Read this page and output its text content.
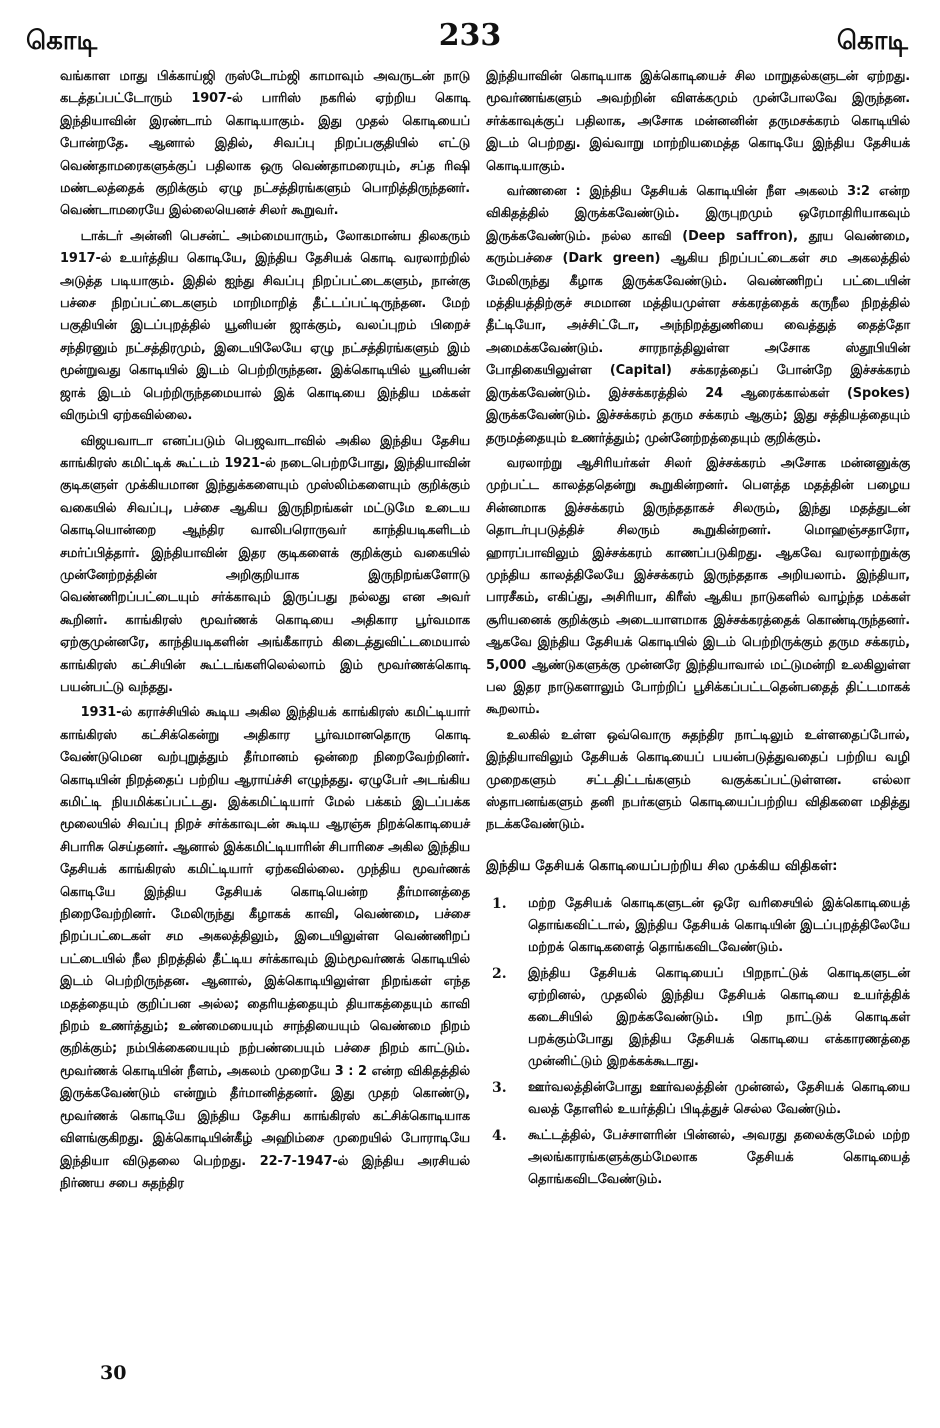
கொடி	233	கொடி

வங்காள மாது பிக்காய்ஜி ருஸ்டோம்ஜி காமாவும் அவருடன் நாடு கடத்தப்பட்டோரும் 1907-ல் பாரிஸ் நகரில் ஏற்றிய கொடி இந்தியாவின் இரண்டாம் கொடியாகும். இது முதல் கொடியைப் போன்றதே. ஆனால் இதில், சிவப்பு நிறப்பகுதியில் எட்டு வெண்தாமரைகளுக்குப் பதிலாக ஒரு வெண்தாமரையும், சப்த ரிஷி மண்டலத்தைக் குறிக்கும் ஏழு நட்சத்திரங்களும் பொறித்திருந்தனர். வெண்டாமரையே இல்லையெனச் சிலர் கூறுவர்.

டாக்டர் அன்னி பெசன்ட் அம்மையாரும், லோகமான்ய திலகரும் 1917-ல் உயர்த்திய கொடியே, இந்திய தேசியக் கொடி வரலாற்றில் அடுத்த படியாகும். இதில் ஐந்து சிவப்பு நிறப்பட்டைகளும், நான்கு பச்சை நிறப்பட்டைகளும் மாறிமாறித் தீட்டப்பட்டிருந்தன. மேற் பகுதியின் இடப்புறத்தில் யூனியன் ஜாக்கும், வலப்புறம் பிறைச் சந்திரனும் நட்சத்திரமும், இடையிலேயே ஏழு நட்சத்திரங்களும் இம் மூன்றுவது கொடியில் இடம் பெற்றிருந்தன. இக்கொடியில் யூனியன் ஜாக் இடம் பெற்றிருந்தமையால் இக் கொடியை இந்திய மக்கள் விரும்பி ஏற்கவில்லை.

விஜயவாடா எனப்படும் பெஜவாடாவில் அகில இந்திய தேசிய காங்கிரஸ் கமிட்டிக் கூட்டம் 1921-ல் நடைபெற்றபோது, இந்தியாவின் குடிகளுள் முக்கியமான இந்துக்களையும் முஸ்லிம்களையும் குறிக்கும் வகையில் சிவப்பு, பச்சை ஆகிய இருநிறங்கள் மட்டுமே உடைய கொடியொன்றை ஆந்திர வாலிபரொருவர் காந்தியடிகளிடம் சமர்ப்பித்தார். இந்தியாவின் இதர குடிகளைக் குறிக்கும் வகையில் முன்னேற்றத்தின் அறிகுறியாக இருநிறங்களோடு வெண்ணிறப்பட்டையும் சர்க்காவும் இருப்பது நல்லது என அவர் கூறினர். காங்கிரஸ் மூவர்ணக் கொடியை அதிகார பூர்வமாக ஏற்குமுன்னரே, காந்தியடிகளின் அங்கீகாரம் கிடைத்துவிட்டமையால் காங்கிரஸ் கட்சியின் கூட்டங்களிலெல்லாம் இம் மூவர்ணக்கொடி பயன்பட்டு வந்தது.

1931-ல் கராச்சியில் கூடிய அகில இந்தியக் காங்கிரஸ் கமிட்டியார் காங்கிரஸ் கட்சிக்கென்று அதிகார பூர்வமானதொரு கொடி வேண்டுமென வற்புறுத்தும் தீர்மானம் ஒன்றை நிறைவேற்றினர். கொடியின் நிறத்தைப் பற்றிய ஆராய்ச்சி எழுந்தது. ஏழுபேர் அடங்கிய கமிட்டி நியமிக்கப்பட்டது. இக்கமிட்டியார் மேல் பக்கம் இடப்பக்க மூலையில் சிவப்பு நிறச் சர்க்காவுடன் கூடிய ஆரஞ்சு நிறக்கொடியைச் சிபாரிசு செய்தனர். ஆனால் இக்கமிட்டியாரின் சிபாரிசை அகில இந்திய தேசியக் காங்கிரஸ் கமிட்டியார் ஏற்கவில்லை. முந்திய மூவர்ணக் கொடியே இந்திய தேசியக் கொடியென்ற தீர்மானத்தை நிறைவேற்றினர். மேலிருந்து கீழாகக் காவி, வெண்மை, பச்சை நிறப்பட்டைகள் சம அகலத்திலும், இடையிலுள்ள வெண்ணிறப் பட்டையில் நீல நிறத்தில் தீட்டிய சர்க்காவும் இம்மூவர்ணக் கொடியில் இடம் பெற்றிருந்தன. ஆனால், இக்கொடியிலுள்ள நிறங்கள் எந்த மதத்தையும் குறிப்பன அல்ல; தைரியத்தையும் தியாகத்தையும் காவி நிறம் உணர்த்தும்; உண்மையையும் சாந்தியையும் வெண்மை நிறம் குறிக்கும்; நம்பிக்கையையும் நற்பண்பையும் பச்சை நிறம் காட்டும். மூவர்ணக் கொடியின் நீளம், அகலம் முறையே 3 : 2 என்ற விகிதத்தில் இருக்கவேண்டும் என்றும் தீர்மானித்தனர். இது முதற் கொண்டு, மூவர்ணக் கொடியே இந்திய தேசிய காங்கிரஸ் கட்சிக்கொடியாக விளங்குகிறது. இக்கொடியின்கீழ் அஹிம்சை முறையில் போராடியே இந்தியா விடுதலை பெற்றது. 22-7-1947-ல் இந்திய அரசியல் நிர்ணய சபை சுதந்திர

இந்தியாவின் கொடியாக இக்கொடியைச் சில மாறுதல்களுடன் ஏற்றது. மூவர்ணங்களும் அவற்றின் விளக்கமும் முன்போலவே இருந்தன. சர்க்காவுக்குப் பதிலாக, அசோக மன்னனின் தருமசக்கரம் கொடியில் இடம் பெற்றது. இவ்வாறு மாற்றியமைத்த கொடியே இந்திய தேசியக் கொடியாகும்.

வர்ணனை : இந்திய தேசியக் கொடியின் நீள அகலம் 3:2 என்ற விகிதத்தில் இருக்கவேண்டும். இருபுறமும் ஒரேமாதிரியாகவும் இருக்கவேண்டும். நல்ல காவி (Deep saffron), தூய வெண்மை, கரும்பச்சை (Dark green) ஆகிய நிறப்பட்டைகள் சம அகலத்தில் மேலிருந்து கீழாக இருக்கவேண்டும். வெண்ணிறப் பட்டையின் மத்தியத்திற்குச் சமமான மத்தியமுள்ள சக்கரத்தைக் கருநீல நிறத்தில் தீட்டியோ, அச்சிட்டோ, அந்நிறத்துணியை வைத்துத் தைத்தோ அமைக்கவேண்டும். சாரநாத்திலுள்ள அசோக ஸ்தூபியின் போதிகையிலுள்ள (Capital) சக்கரத்தைப் போன்றே இச்சக்கரம் இருக்கவேண்டும். இச்சக்கரத்தில் 24 ஆரைக்கால்கள் (Spokes) இருக்கவேண்டும். இச்சக்கரம் தரும சக்கரம் ஆகும்; இது சத்தியத்தையும் தருமத்தையும் உணர்த்தும்; முன்னேற்றத்தையும் குறிக்கும்.

வரலாற்று ஆசிரியர்கள் சிலர் இச்சக்கரம் அசோக மன்னனுக்கு முற்பட்ட காலத்ததென்று கூறுகின்றனர். பௌத்த மதத்தின் பழைய சின்னமாக இச்சக்கரம் இருந்ததாகச் சிலரும், இந்து மதத்துடன் தொடர்புபடுத்திச் சிலரும் கூறுகின்றனர். மொஹஞ்சதாரோ, ஹாரப்பாவிலும் இச்சக்கரம் காணப்படுகிறது. ஆகவே வரலாற்றுக்கு முந்திய காலத்திலேயே இச்சக்கரம் இருந்ததாக அறியலாம். இந்தியா, பாரசீகம், எகிப்து, அசிரியா, கிரீஸ் ஆகிய நாடுகளில் வாழ்ந்த மக்கள் சூரியனைக் குறிக்கும் அடையாளமாக இச்சக்கரத்தைக் கொண்டிருந்தனர். ஆகவே இந்திய தேசியக் கொடியில் இடம் பெற்றிருக்கும் தரும சக்கரம், 5,000 ஆண்டுகளுக்கு முன்னரே இந்தியாவால் மட்டுமன்றி உலகிலுள்ள பல இதர நாடுகளாலும் போற்றிப் பூசிக்கப்பட்டதென்பதைத் திட்டமாகக் கூறலாம்.

உலகில் உள்ள ஒவ்வொரு சுதந்திர நாட்டிலும் உள்ளதைப்போல், இந்தியாவிலும் தேசியக் கொடியைப் பயன்படுத்துவதைப் பற்றிய வழி முறைகளும் சட்டதிட்டங்களும் வகுக்கப்பட்டுள்ளன. எல்லா ஸ்தாபனங்களும் தனி நபர்களும் கொடியைப்பற்றிய விதிகளை மதித்து நடக்கவேண்டும்.

இந்திய தேசியக் கொடியைப்பற்றிய சில முக்கிய விதிகள்:
1.	மற்ற தேசியக் கொடிகளுடன் ஒரே வரிசையில் இக்கொடியைத் தொங்கவிட்டால், இந்திய தேசியக் கொடியின் இடப்புறத்திலேயே மற்றக் கொடிகளைத் தொங்கவிடவேண்டும்.
2.	இந்திய தேசியக் கொடியைப் பிறநாட்டுக் கொடிகளுடன் ஏற்றினல், முதலில் இந்திய தேசியக் கொடியை உயர்த்திக் கடைசியில் இறக்கவேண்டும். பிற நாட்டுக் கொடிகள் பறக்கும்போது இந்திய தேசியக் கொடியை எக்காரணத்தை முன்னிட்டும் இறக்கக்கூடாது.
3.	ஊர்வலத்தின்போது ஊர்வலத்தின் முன்னல், தேசியக் கொடியை வலத் தோளில் உயர்த்திப் பிடித்துச் செல்ல வேண்டும்.
4.	கூட்டத்தில், பேச்சாளரின் பின்னல், அவரது தலைக்குமேல் மற்ற அலங்காரங்களுக்கும்மேலாக தேசியக் கொடியைத் தொங்கவிடவேண்டும்.
30
